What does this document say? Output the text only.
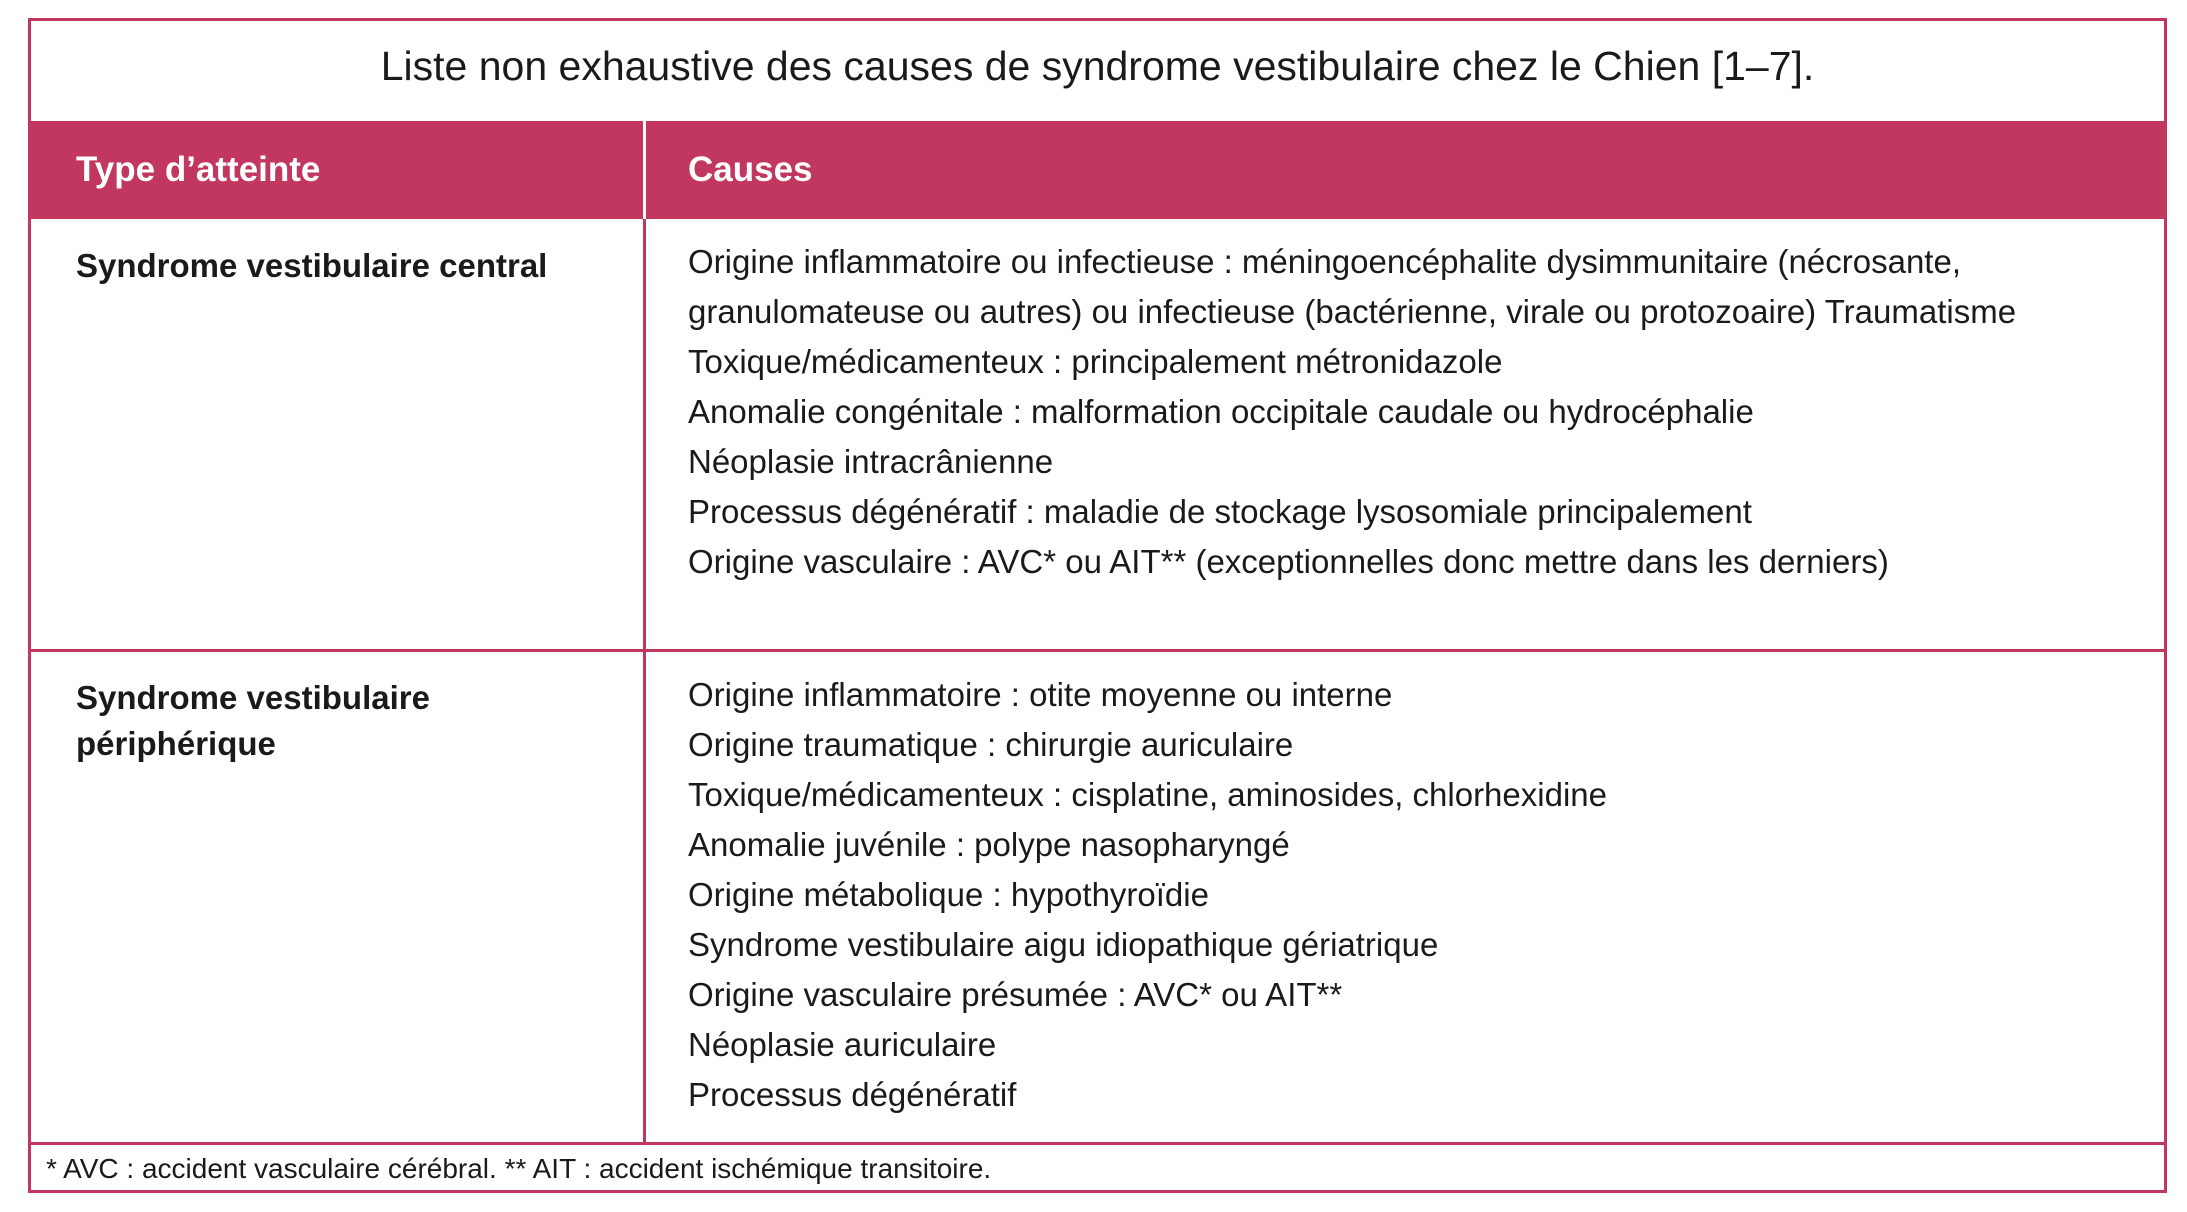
Liste non exhaustive des causes de syndrome vestibulaire chez le Chien [1–7].
Type d’atteinte	Causes
Syndrome vestibulaire central	Origine inflammatoire ou infectieuse : méningoencéphalite dysimmunitaire (nécrosante, granulomateuse ou autres) ou infectieuse (bactérienne, virale ou protozoaire) Traumatisme
Toxique/médicamenteux : principalement métronidazole
Anomalie congénitale : malformation occipitale caudale ou hydrocéphalie
Néoplasie intracrânienne
Processus dégénératif : maladie de stockage lysosomiale principalement
Origine vasculaire : AVC* ou AIT** (exceptionnelles donc mettre dans les derniers)
Syndrome vestibulaire périphérique
Origine inflammatoire : otite moyenne ou interne
Origine traumatique : chirurgie auriculaire
Toxique/médicamenteux : cisplatine, aminosides, chlorhexidine
Anomalie juvénile : polype nasopharyngé
Origine métabolique : hypothyroïdie
Syndrome vestibulaire aigu idiopathique gériatrique
Origine vasculaire présumée : AVC* ou AIT**
Néoplasie auriculaire
Processus dégénératif
* AVC : accident vasculaire cérébral. ** AIT : accident ischémique transitoire.
